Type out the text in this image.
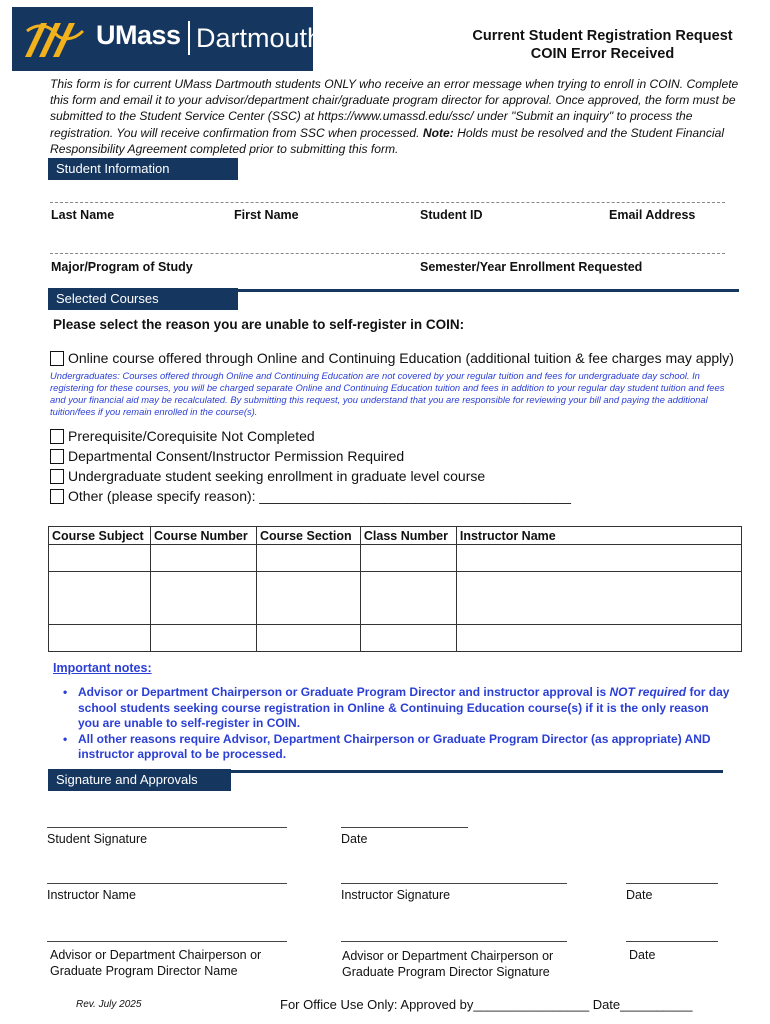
UMass Dartmouth	Current Student Registration Request
COIN Error Received
This form is for current UMass Dartmouth students ONLY who receive an error message when trying to enroll in COIN. Complete this form and email it to your advisor/department chair/graduate program director for approval. Once approved, the form must be submitted to the Student Service Center (SSC) at https://www.umassd.edu/ssc/ under "Submit an inquiry" to process the registration. You will receive confirmation from SSC when processed. Note: Holds must be resolved and the Student Financial Responsibility Agreement completed prior to submitting this form.
Student Information
Last Name	First Name	Student ID	Email Address
Major/Program of Study	Semester/Year Enrollment Requested
Selected Courses
Please select the reason you are unable to self-register in COIN:
Online course offered through Online and Continuing Education (additional tuition & fee charges may apply)
Undergraduates: Courses offered through Online and Continuing Education are not covered by your regular tuition and fees for undergraduate day school. In registering for these courses, you will be charged separate Online and Continuing Education tuition and fees in addition to your regular day student tuition and fees and your financial aid may be recalculated. By submitting this request, you understand that you are responsible for reviewing your bill and paying the additional tuition/fees if you remain enrolled in the course(s).
Prerequisite/Corequisite Not Completed
Departmental Consent/Instructor Permission Required
Undergraduate student seeking enrollment in graduate level course
Other (please specify reason): ________________________________________
Course Subject	Course Number	Course Section	Class Number	Instructor Name

Important notes:
• Advisor or Department Chairperson or Graduate Program Director and instructor approval is NOT required for day school students seeking course registration in Online & Continuing Education course(s) if it is the only reason you are unable to self-register in COIN.
• All other reasons require Advisor, Department Chairperson or Graduate Program Director (as appropriate) AND instructor approval to be processed.
Signature and Approvals
Student Signature	Date
Instructor Name	Instructor Signature	Date
Advisor or Department Chairperson or
Graduate Program Director Name
Advisor or Department Chairperson or
Graduate Program Director Signature
Date
Rev. July 2025	For Office Use Only: Approved by________________ Date__________
